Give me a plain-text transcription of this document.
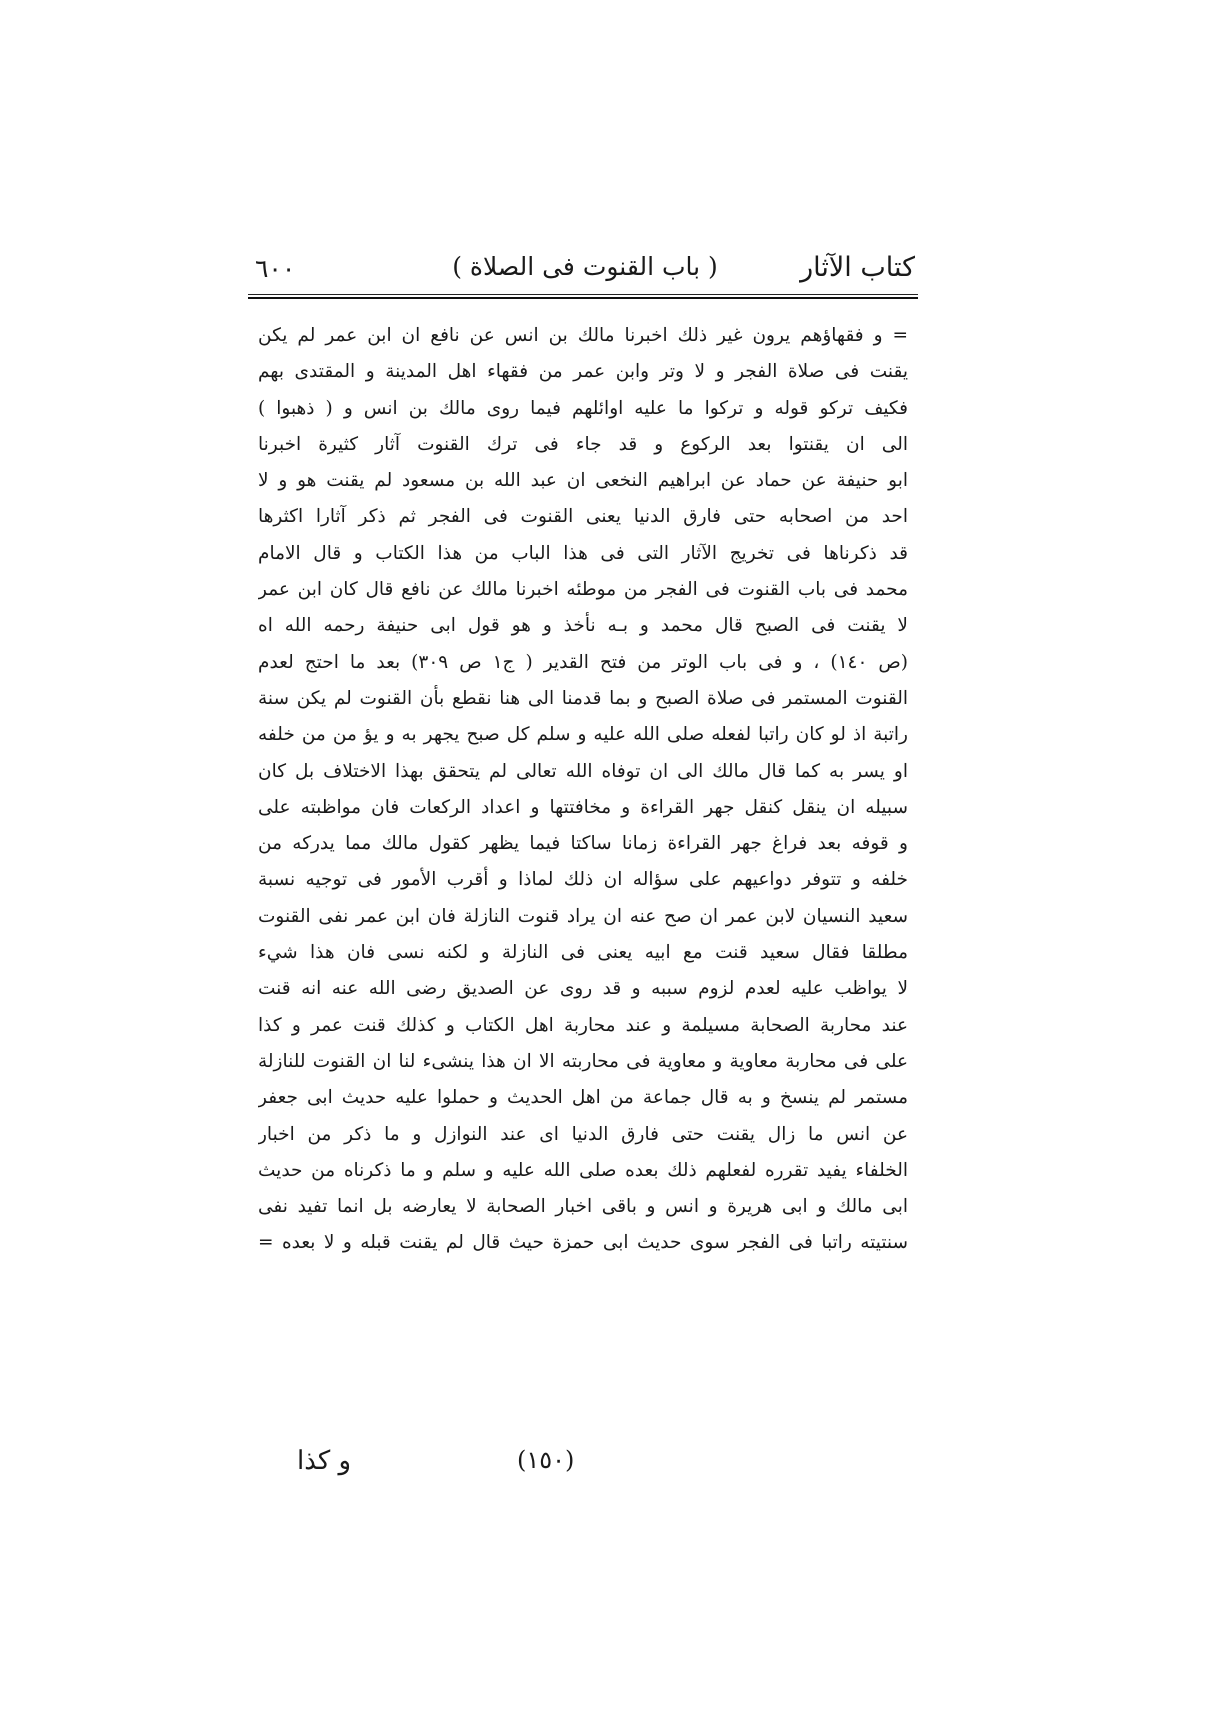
كتاب الآثار
( باب القنوت فى الصلاة )
٦٠٠
= و فقهاؤهم يرون غير ذلك اخبرنا مالك بن انس عن نافع ان ابن عمر لم يكن
يقنت فى صلاة الفجر و لا وتر وابن عمر من فقهاء اهل المدينة و المقتدى بهم
فكيف تركو قوله و تركوا ما عليه اوائلهم فيما روى مالك بن انس و ( ذهبوا )
الى ان يقنتوا بعد الركوع و قد جاء فى ترك القنوت آثار كثيرة اخبرنا
ابو حنيفة عن حماد عن ابراهيم النخعى ان عبد الله بن مسعود لم يقنت هو و لا
احد من اصحابه حتى فارق الدنيا يعنى القنوت فى الفجر ثم ذكر آثارا اكثرها
قد ذكرناها فى تخريج الآثار التى فى هذا الباب من هذا الكتاب و قال الامام
محمد فى باب القنوت فى الفجر من موطئه اخبرنا مالك عن نافع قال كان ابن عمر
لا يقنت فى الصبح قال محمد و بـه نأخذ و هو قول ابى حنيفة رحمه الله اه
(ص ١٤٠) ، و فى باب الوتر من فتح القدير ( ج١ ص ٣٠٩) بعد ما احتج لعدم
القنوت المستمر فى صلاة الصبح و بما قدمنا الى هنا نقطع بأن القنوت لم يكن سنة
راتبة اذ لو كان راتبا لفعله صلى الله عليه و سلم كل صبح يجهر به و يؤ من من خلفه
او يسر به كما قال مالك الى ان توفاه الله تعالى لم يتحقق بهذا الاختلاف بل كان
سبيله ان ينقل كنقل جهر القراءة و مخافتتها و اعداد الركعات فان مواظبته على
و قوفه بعد فراغ جهر القراءة زمانا ساكتا فيما يظهر كقول مالك مما يدركه من
خلفه و تتوفر دواعيهم على سؤاله ان ذلك لماذا و أقرب الأمور فى توجيه نسبة
سعيد النسيان لابن عمر ان صح عنه ان يراد قنوت النازلة فان ابن عمر نفى القنوت
مطلقا فقال سعيد قنت مع ابيه يعنى فى النازلة و لكنه نسى فان هذا شيء
لا يواظب عليه لعدم لزوم سببه و قد روى عن الصديق رضى الله عنه انه قنت
عند محاربة الصحابة مسيلمة و عند محاربة اهل الكتاب و كذلك قنت عمر و كذا
على فى محاربة معاوية و معاوية فى محاربته الا ان هذا ينشىء لنا ان القنوت للنازلة
مستمر لم ينسخ و به قال جماعة من اهل الحديث و حملوا عليه حديث ابى جعفر
عن انس ما زال يقنت حتى فارق الدنيا اى عند النوازل و ما ذكر من اخبار
الخلفاء يفيد تقرره لفعلهم ذلك بعده صلى الله عليه و سلم و ما ذكرناه من حديث
ابى مالك و ابى هريرة و انس و باقى اخبار الصحابة لا يعارضه بل انما تفيد نفى
سنتيته راتبا فى الفجر سوى حديث ابى حمزة حيث قال لم يقنت قبله و لا بعده =
(١٥٠)
و كذا
